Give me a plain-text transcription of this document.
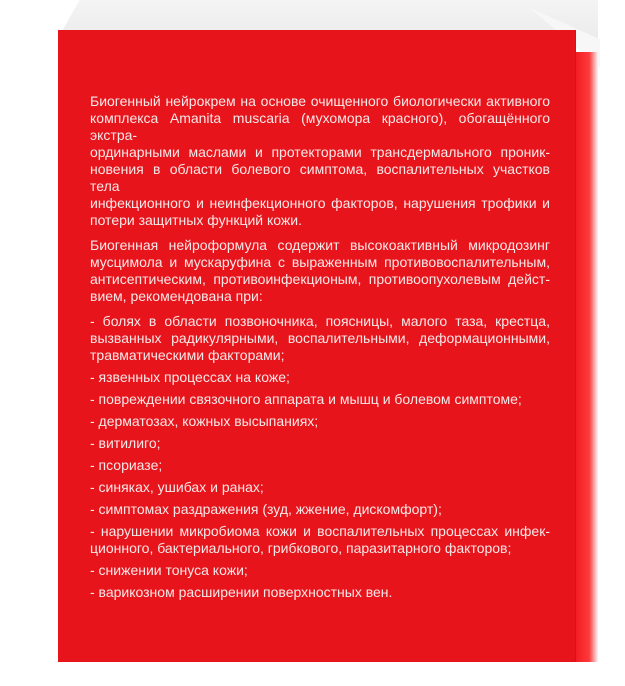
Биогенный нейрокрем на основе очищенного биологически активного
комплекса Amanita muscaria (мухомора красного), обогащённого экстра-
ординарными маслами и протекторами трансдермального проник-
новения в области болевого симптома, воспалительных участков тела
инфекционного и неинфекционного факторов, нарушения трофики и
потери защитных функций кожи.
Биогенная нейроформула содержит высокоактивный микродозинг
мусцимола и мускаруфина с выраженным противовоспалительным,
антисептическим, противоинфекционым, противоопухолевым дейст-
вием, рекомендована при:
- болях в области позвоночника, поясницы, малого таза, крестца,
вызванных радикулярными, воспалительными, деформационными,
травматическими факторами;
- язвенных процессах на коже;
- повреждении связочного аппарата и мышц и болевом симптоме;
- дерматозах, кожных высыпаниях;
- витилиго;
- псориазе;
- синяках, ушибах и ранах;
- симптомах раздражения (зуд, жжение, дискомфорт);
- нарушении микробиома кожи и воспалительных процессах инфек-
ционного, бактериального, грибкового, паразитарного факторов;
- снижении тонуса кожи;
- варикозном расширении поверхностных вен.
